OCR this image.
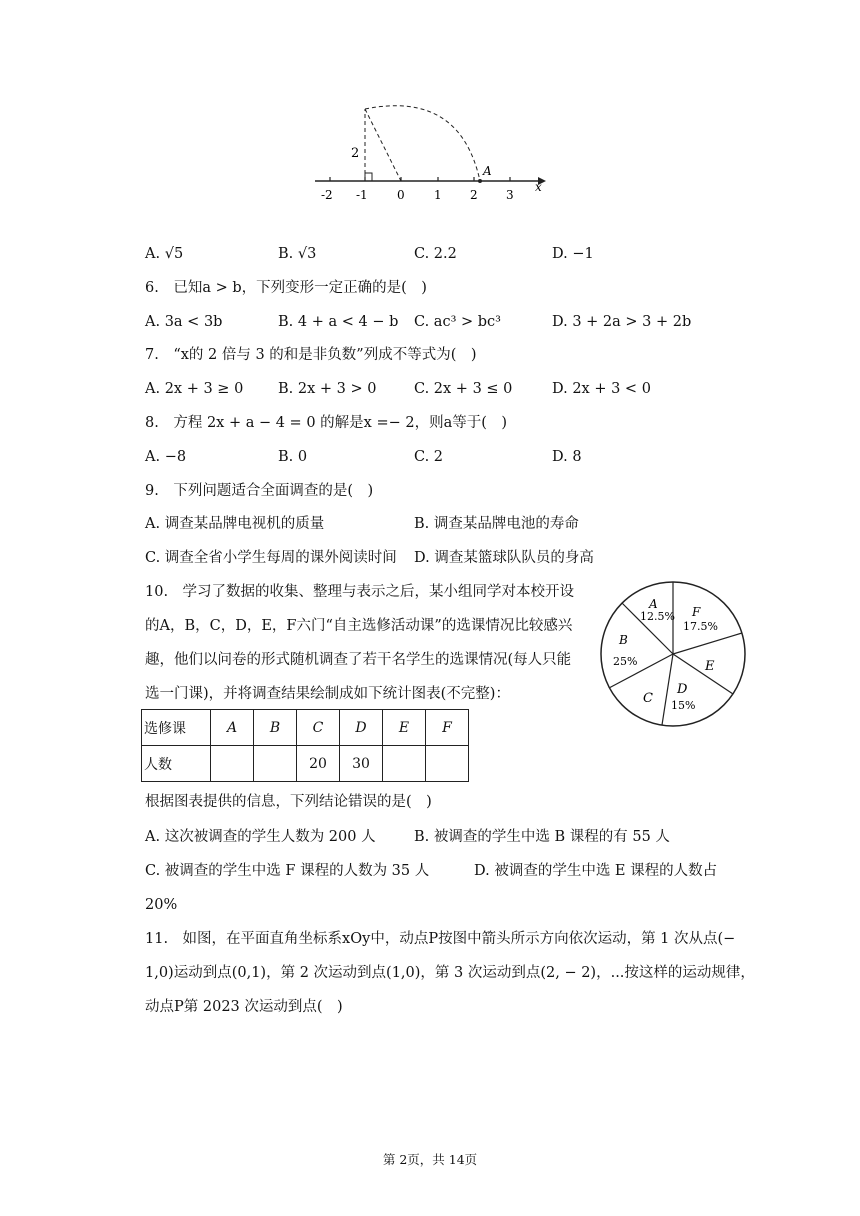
2
A
x
-2 -1 0 1 2 3
A. √5	B. √3	C. 2.2	D. −1
6.　已知a > b，下列变形一定正确的是(　)
A. 3a < 3b	B. 4 + a < 4 − b C. ac³ > bc³	D. 3 + 2a > 3 + 2b
7.　“x的 2 倍与 3 的和是非负数”列成不等式为(　)
A. 2x + 3 ≥ 0 B. 2x + 3 > 0	C. 2x + 3 ≤ 0	D. 2x + 3 < 0
8.　方程 2x + a − 4 = 0 的解是x =− 2，则a等于(　)
A. −8	B. 0	C. 2	D. 8
9.　下列问题适合全面调查的是(　)
A. 调查某品牌电视机的质量	B. 调查某品牌电池的寿命
C. 调查全省小学生每周的课外阅读时间 D. 调查某篮球队队员的身高
10.　学习了数据的收集、整理与表示之后，某小组同学对本校开设
的A，B，C，D，E，F六门“自主选修活动课”的选课情况比较感兴
趣，他们以问卷的形式随机调查了若干名学生的选课情况(每人只能
选一门课)，并将调查结果绘制成如下统计图表(不完整)：
A
12.5% F
17.5%
B
25%	E
C
D
15%
选修课	A	B	C	D	E	F
人数			20	30		
根据图表提供的信息，下列结论错误的是(　)
A. 这次被调查的学生人数为 200 人	B. 被调查的学生中选 B 课程的有 55 人
C. 被调查的学生中选 F 课程的人数为 35 人	D. 被调查的学生中选 E 课程的人数占
20%
11.　如图，在平面直角坐标系xOy中，动点P按图中箭头所示方向依次运动，第 1 次从点(−
1,0)运动到点(0,1)，第 2 次运动到点(1,0)，第 3 次运动到点(2, − 2)，...按这样的运动规律，
动点P第 2023 次运动到点(　)
第 2页，共 14页
